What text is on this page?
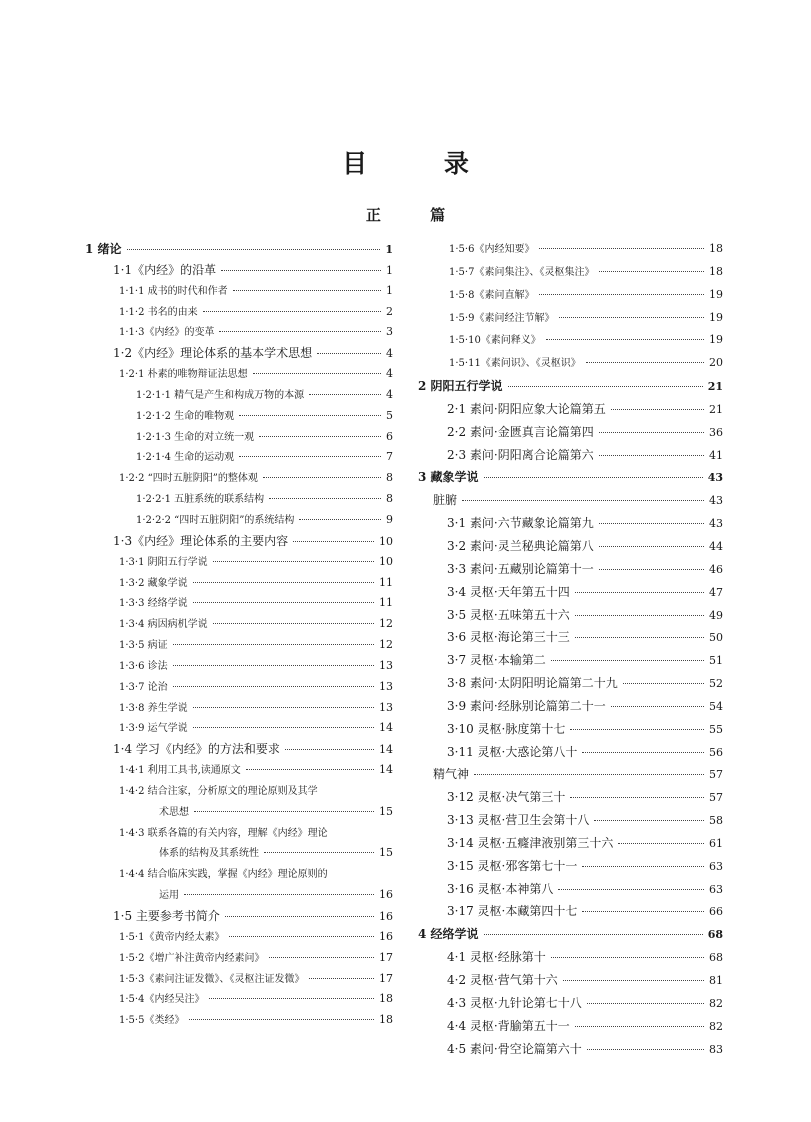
目 录
正 篇
1 绪论	1
1·1《内经》的沿革	1
1·1·1 成书的时代和作者	1
1·1·2 书名的由来	2
1·1·3《内经》的变革	3
1·2《内经》理论体系的基本学术思想	4
1·2·1 朴素的唯物辩证法思想	4
1·2·1·1 精气是产生和构成万物的本源	4
1·2·1·2 生命的唯物观	5
1·2·1·3 生命的对立统一观	6
1·2·1·4 生命的运动观	7
1·2·2 “四时五脏阴阳”的整体观	8
1·2·2·1 五脏系统的联系结构	8
1·2·2·2 “四时五脏阴阳”的系统结构	9
1·3《内经》理论体系的主要内容	10
1·3·1 阴阳五行学说	10
1·3·2 藏象学说	11
1·3·3 经络学说	11
1·3·4 病因病机学说	12
1·3·5 病证	12
1·3·6 诊法	13
1·3·7 论治	13
1·3·8 养生学说	13
1·3·9 运气学说	14
1·4 学习《内经》的方法和要求	14
1·4·1 利用工具书,读通原文	14
1·4·2 结合注家，分析原文的理论原则及其学
术思想	15
1·4·3 联系各篇的有关内容，理解《内经》理论
体系的结构及其系统性	15
1·4·4 结合临床实践，掌握《内经》理论原则的
运用	16
1·5 主要参考书简介	16
1·5·1《黄帝内经太素》	16
1·5·2《增广补注黄帝内经素问》	17
1·5·3《素问注证发微》、《灵枢注证发微》	17
1·5·4《内经吴注》	18
1·5·5《类经》	18
1·5·6《内经知要》	18
1·5·7《素问集注》、《灵枢集注》	18
1·5·8《素问直解》	19
1·5·9《素问经注节解》	19
1·5·10《素问释义》	19
1·5·11《素问识》、《灵枢识》	20
2 阴阳五行学说	21
2·1 素问·阴阳应象大论篇第五	21
2·2 素问·金匮真言论篇第四	36
2·3 素问·阴阳离合论篇第六	41
3 藏象学说	43
脏腑	43
3·1 素问·六节藏象论篇第九	43
3·2 素问·灵兰秘典论篇第八	44
3·3 素问·五藏别论篇第十一	46
3·4 灵枢·天年第五十四	47
3·5 灵枢·五味第五十六	49
3·6 灵枢·海论第三十三	50
3·7 灵枢·本输第二	51
3·8 素问·太阴阳明论篇第二十九	52
3·9 素问·经脉别论篇第二十一	54
3·10 灵枢·脉度第十七	55
3·11 灵枢·大惑论第八十	56
精气神	57
3·12 灵枢·决气第三十	57
3·13 灵枢·营卫生会第十八	58
3·14 灵枢·五癃津液别第三十六	61
3·15 灵枢·邪客第七十一	63
3·16 灵枢·本神第八	63
3·17 灵枢·本藏第四十七	66
4 经络学说	68
4·1 灵枢·经脉第十	68
4·2 灵枢·营气第十六	81
4·3 灵枢·九针论第七十八	82
4·4 灵枢·背腧第五十一	82
4·5 素问·骨空论篇第六十	83
